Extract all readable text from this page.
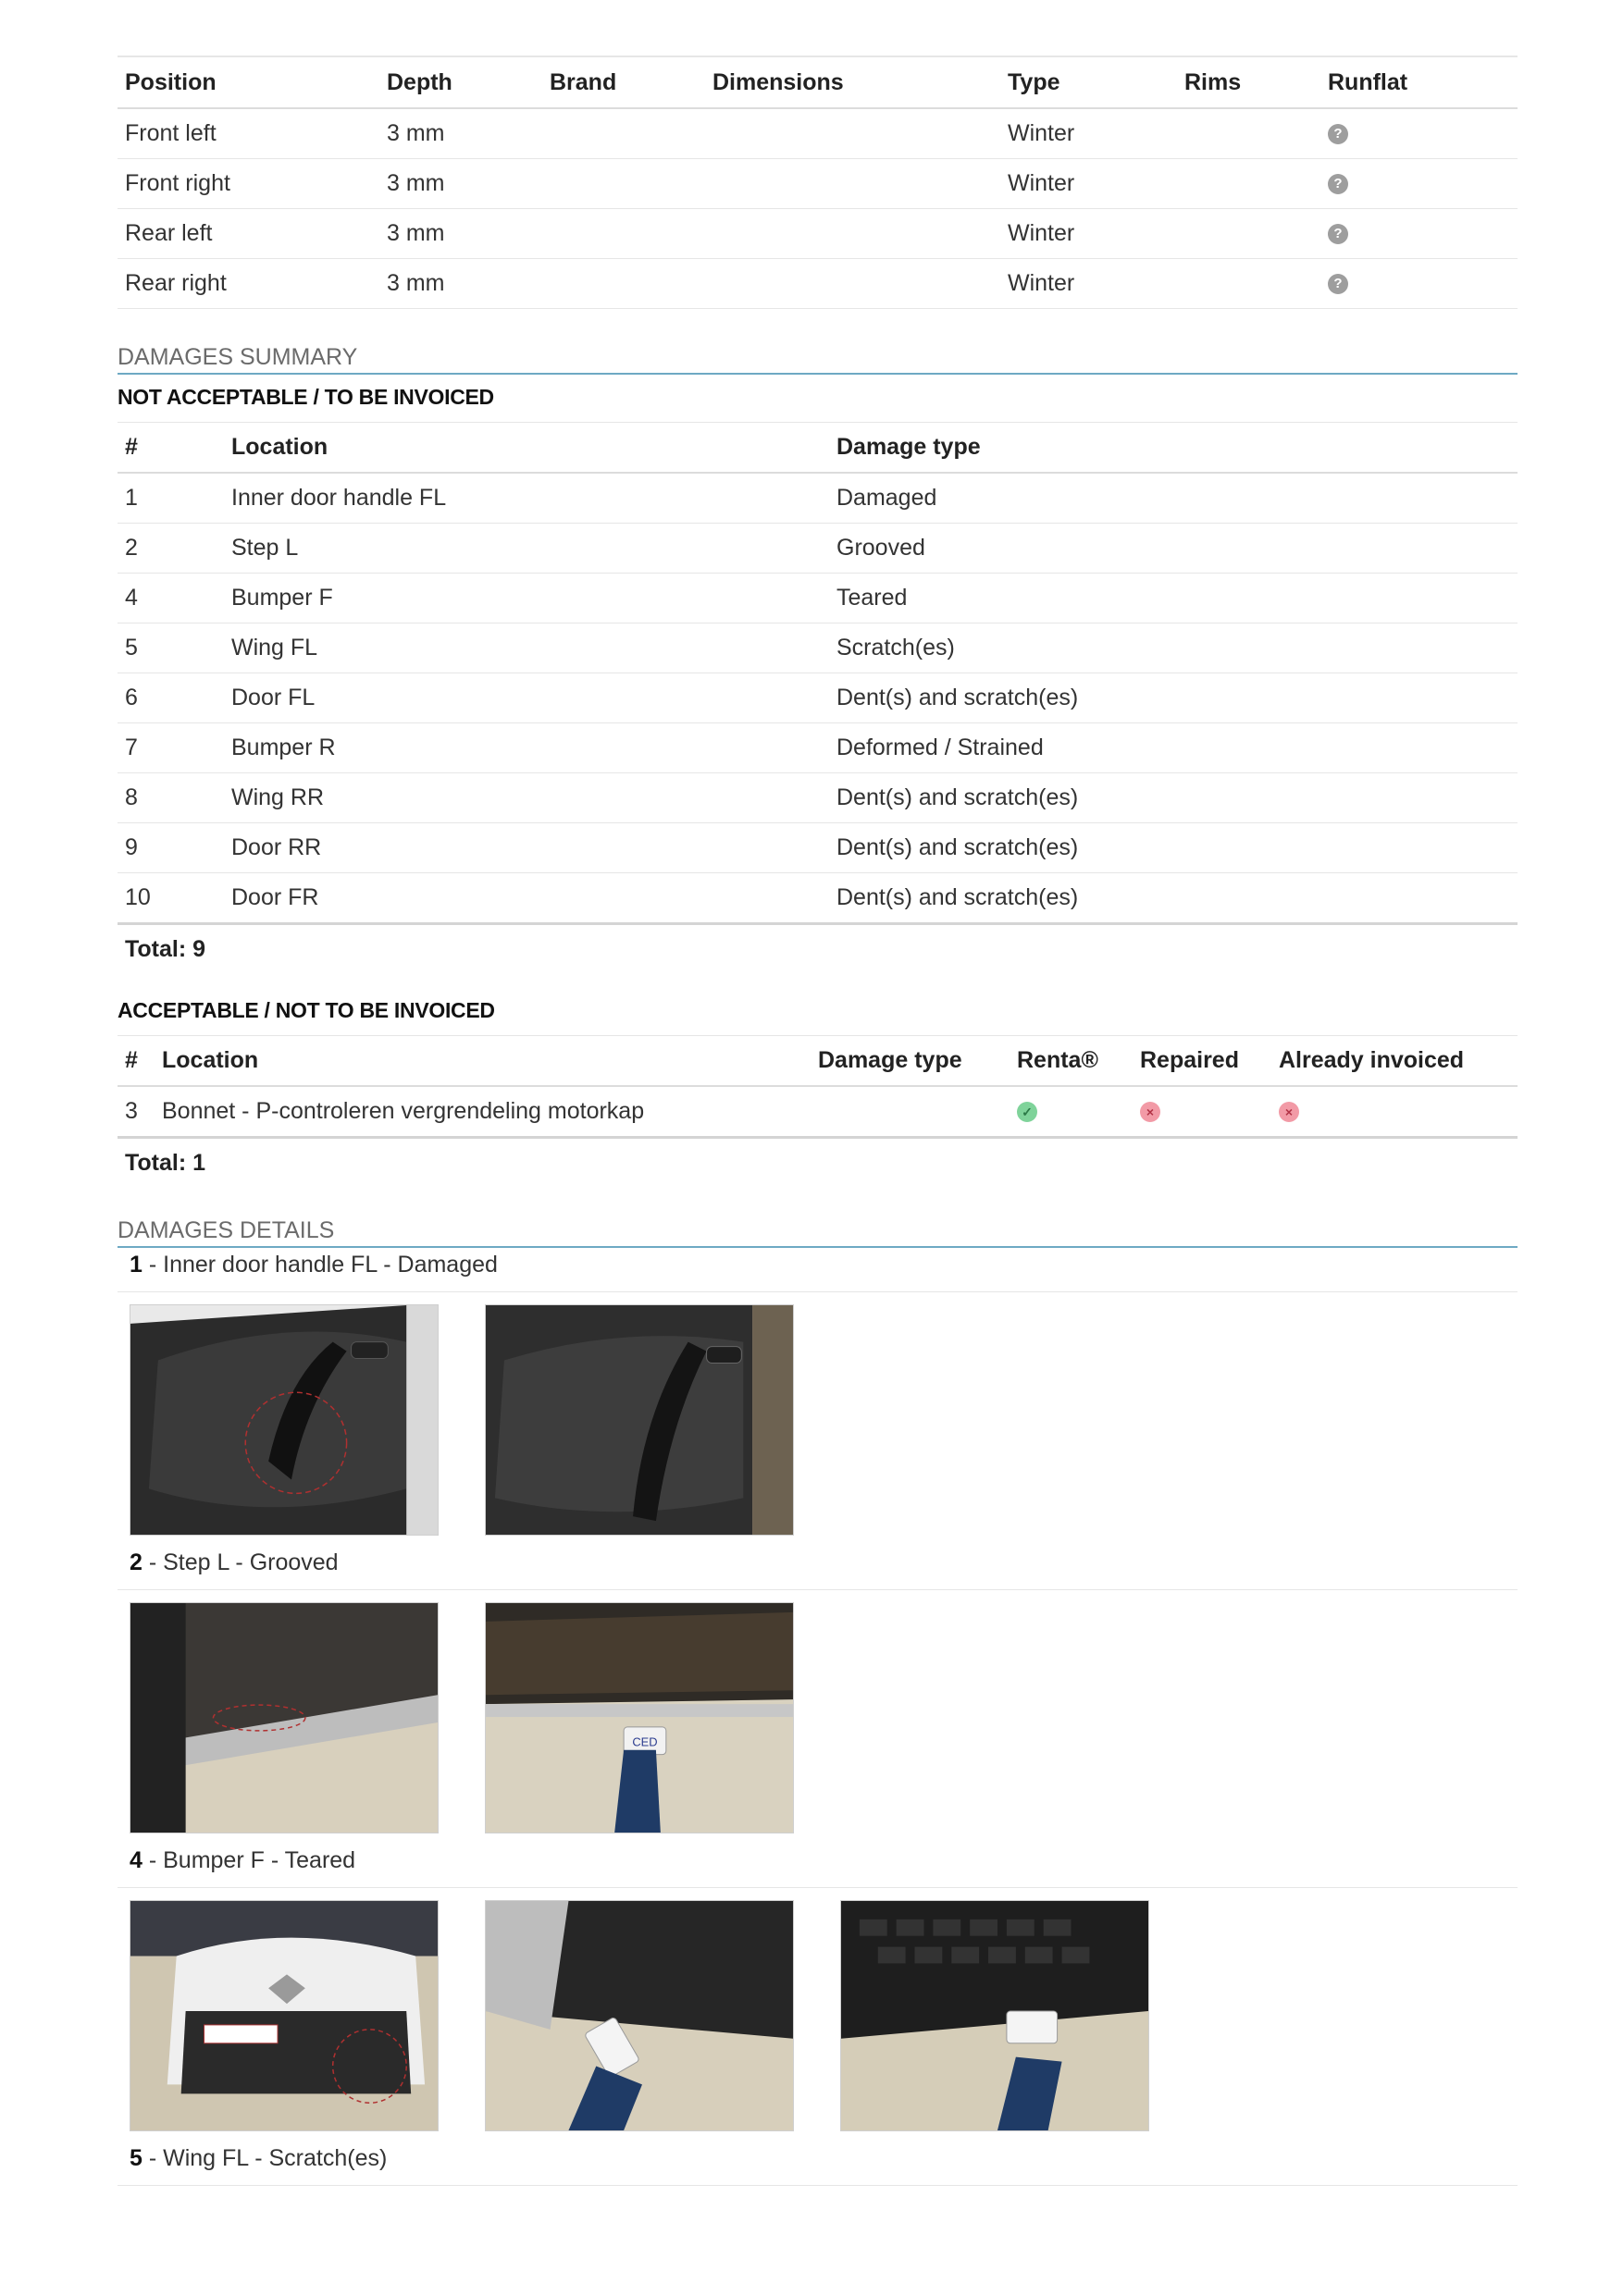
Position	Depth	Brand	Dimensions	Type	Rims	Runflat
Front left	3 mm			Winter		?
Front right	3 mm			Winter		?
Rear left	3 mm			Winter		?
Rear right	3 mm			Winter		?
DAMAGES SUMMARY
NOT ACCEPTABLE / TO BE INVOICED
#	Location	Damage type
1	Inner door handle FL	Damaged
2	Step L	Grooved
4	Bumper F	Teared
5	Wing FL	Scratch(es)
6	Door FL	Dent(s) and scratch(es)
7	Bumper R	Deformed / Strained
8	Wing RR	Dent(s) and scratch(es)
9	Door RR	Dent(s) and scratch(es)
10	Door FR	Dent(s) and scratch(es)
Total: 9
ACCEPTABLE / NOT TO BE INVOICED
#	Location	Damage type	Renta®	Repaired	Already invoiced
3	Bonnet - P-controleren vergrendeling motorkap		✓	×	×
Total: 1
DAMAGES DETAILS
1 - Inner door handle FL - Damaged
2 - Step L - Grooved
CED
4 - Bumper F - Teared
5 - Wing FL - Scratch(es)
